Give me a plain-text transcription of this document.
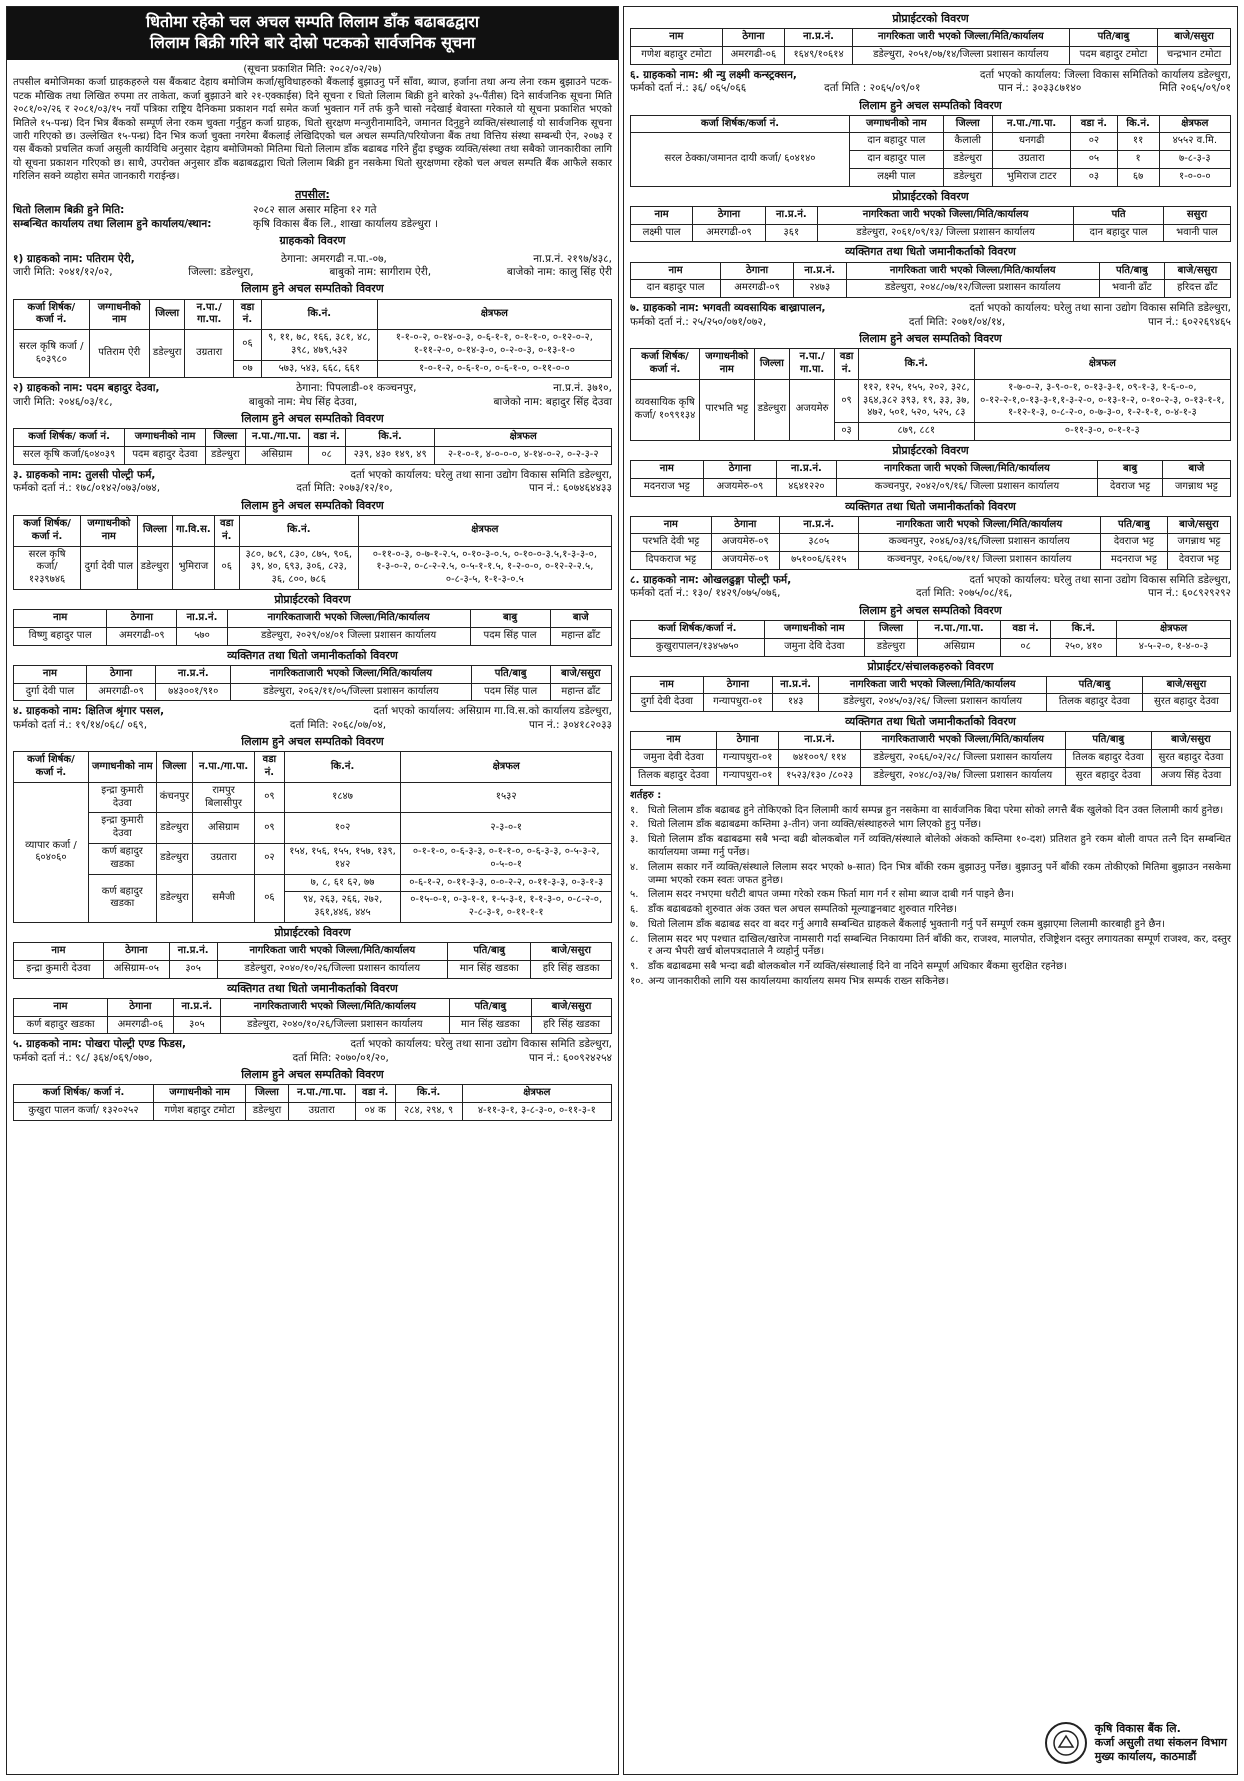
धितोमा रहेको चल अचल सम्पति लिलाम डाँक बढाबढद्वारा
लिलाम बिक्री गरिने बारे दोस्रो पटकको सार्वजनिक सूचना
(सूचना प्रकाशित मिति: २०८२/०२/२७)

तपसील बमोजिमका कर्जा ग्राहकहरुले यस बैंकबाट देहाय बमोजिम कर्जा/सुविधाहरुको बैंकलाई बुझाउनु पर्ने साँवा, ब्याज, हर्जाना तथा अन्य लेना रकम बुझाउने पटक-पटक मौखिक तथा लिखित रुपमा तर ताकेता, कर्जा बुझाउने बारे २१-एक्काईस) दिने सूचना र धितो लिलाम बिक्री हुने बारेको ३५-पैंतीस) दिने सार्वजनिक सूचना मिति २०८१/०२/२६ र २०८१/०३/१५ नयाँ पत्रिका राष्ट्रिय दैनिकमा प्रकाशन गर्दा समेत कर्जा भुक्तान गर्ने तर्फ कुनै चासो नदेखाई बेवास्ता गरेकाले यो सूचना प्रकाशित भएको मितिले १५-पन्ध्र) दिन भित्र बैंकको सम्पूर्ण लेना रकम चुक्ता गर्नुहुन कर्जा ग्राहक, धितो सुरक्षण मन्जुरीनामादिने, जमानत दिनुहुने व्यक्ति/संस्थालाई यो सार्वजनिक सूचना जारी गरिएको छ। उल्लेखित १५-पन्ध्र) दिन भित्र कर्जा चुक्ता नगरेमा बैंकलाई लेखिदिएको चल अचल सम्पति/परियोजना बैंक तथा वित्तिय संस्था सम्बन्धी ऐन, २०७३ र यस बैंकको प्रचलित कर्जा असुली कार्यविधि अनुसार देहाय बमोजिमको मितिमा धितो लिलाम डाँक बढाबढ गरिने हुँदा इच्छुक व्यक्ति/संस्था तथा सबैको जानकारीका लागि यो सूचना प्रकाशन गरिएको छ। साथै, उपरोक्त अनुसार डाँक बढाबढद्वारा धितो लिलाम बिक्री हुन नसकेमा धितो सुरक्षणमा रहेको चल अचल सम्पति बैंक आफैले सकार गरिलिन सक्ने व्यहोरा समेत जानकारी गराईन्छ।

तपसील:
धितो लिलाम बिक्री हुने मिति:	२०८२ साल असार महिना १२ गते
सम्बन्धित कार्यालय तथा लिलाम हुने कार्यालय/स्थान:	कृषि विकास बैंक लि., शाखा कार्यालय डडेल्धुरा ।
ग्राहकको विवरण
१) ग्राहकको नाम: पतिराम ऐरी,	ठेगाना: अमरगढी न.पा.-०७,	ना.प्र.नं. २१९७/४३८,
जारी मिति: २०४१/१२/०२,	जिल्ला: डडेल्धुरा,	बाबुको नाम: सागीराम ऐरी,	बाजेको नाम: कालु सिंह ऐरी
लिलाम हुने अचल सम्पतिको विवरण
कर्जा शिर्षक/ कर्जा नं.	जग्गाधनीको नाम	जिल्ला	न.पा./ गा.पा.	वडा नं.	कि.नं.	क्षेत्रफल
सरल कृषि कर्जा /६०३९८०	पतिराम ऐरी	डडेल्धुरा	उग्रतारा	०६	९, ११, ७८, १६६, ३८१, ४८, ३९८, ४७९,५३२	१-१-०-२, ०-१४-०-३, ०-६-१-१, ०-१-१-०, ०-१२-०-२, १-११-२-०, ०-१४-३-०, ०-२-०-३, ०-१३-१-०
				०७	५७३, ५४३, ६६८, ६६१	१-०-१-२, ०-६-१-०, ०-६-१-०, ०-११-०-०
२) ग्राहकको नाम: पदम बहादुर देउवा,	ठेगाना: पिपलाडी-०१ कञ्चनपुर,	ना.प्र.नं. ३७१०,
जारी मिति: २०४६/०३/१८,	बाबुको नाम: मेघ सिंह देउवा,	बाजेको नाम: बहादुर सिंह देउवा
लिलाम हुने अचल सम्पतिको विवरण
कर्जा शिर्षक/ कर्जा नं.	जग्गाधनीको नाम	जिल्ला	न.पा./गा.पा.	वडा नं.	कि.नं.	क्षेत्रफल
सरल कृषि कर्जा/६०४०३९	पदम बहादुर देउवा	डडेल्धुरा	असिग्राम	०८	२३९, ४३० १४९, ४९	२-१-०-१, ४-०-०-०, ४-१४-०-२, ०-२-३-२
३. ग्राहकको नाम: तुलसी पोल्ट्री फर्म,	दर्ता भएको कार्यालय: घरेलु तथा साना उद्योग विकास समिति डडेल्धुरा,
फर्मको दर्ता नं.: १७८/०१४२/०७३/०७४,	दर्ता मिति: २०७३/१२/१०,	पान नं.: ६०७४६४४३३
लिलाम हुने अचल सम्पतिको विवरण
कर्जा शिर्षक/ कर्जा नं.	जग्गाधनीको नाम	जिल्ला	गा.वि.स.	वडा नं.	कि.नं.	क्षेत्रफल
सरल कृषि कर्जा/ १२३९७४६	दुर्गा देवी पाल	डडेल्धुरा	भुमिराज	०६	३८०, ७८९, ८३०, ८७५, ९०६, ३९, ४०, ६९३, ३०६, ८२३, ३६, ८००, ७८६	०-११-०-३, ०-७-१-२.५, ०-१०-३-०.५, ०-१०-०-३.५,१-३-३-०, १-३-०-२, ०-८-२-२.५, ०-५-१-१.५, १-२-०-०, ०-१२-२-२.५, ०-८-३-५, १-१-३-०.५
प्रोप्राईटरको विवरण
नाम	ठेगाना	ना.प्र.नं.	नागरिकताजारी भएको जिल्ला/मिति/कार्यालय	बाबु	बाजे
विष्णु बहादुर पाल	अमरगढी-०९	५७०	डडेल्धुरा, २०२९/०४/०१ जिल्ला प्रशासन कार्यालय	पदम सिंह पाल	महान्त ढाँट
व्यक्तिगत तथा धितो जमानीकर्ताको विवरण
नाम	ठेगाना	ना.प्र.नं.	नागरिकताजारी भएको जिल्ला/मिति/कार्यालय	पति/बाबु	बाजे/ससुरा
दुर्गा देवी पाल	अमरगढी-०९	७४३००१/९१०	डडेल्धुरा, २०६२/११/०५/जिल्ला प्रशासन कार्यालय	पदम सिंह पाल	महान्त ढाँट
४. ग्राहकको नाम: क्षितिज श्रृंगार पसल,	दर्ता भएको कार्यालय: असिग्राम गा.वि.स.को कार्यालय डडेल्धुरा,
फर्मको दर्ता नं.: १९/१४/०६८/ ०६९,	दर्ता मिति: २०६८/०७/०४,	पान नं.: ३०४१८२०३३
लिलाम हुने अचल सम्पतिको विवरण
कर्जा शिर्षक/ कर्जा नं.	जग्गाधनीको नाम	जिल्ला	न.पा./गा.पा.	वडा नं.	कि.नं.	क्षेत्रफल
व्यापार कर्जा /६०४०६०	इन्द्रा कुमारी देउवा	कंचनपुर	रामपुर बिलासीपुर	०९	१८४७	१५३२
	इन्द्रा कुमारी देउवा	डडेल्धुरा	असिग्राम	०९	१०२	२-३-०-१
	कर्ण बहादुर खडका	डडेल्धुरा	उग्रतारा	०२	१५४, १५६, १५५, १५७, १३९, १४२	०-१-१-०, ०-६-३-३, ०-१-१-०, ०-६-३-३, ०-५-३-२, ०-५-०-१
	कर्ण बहादुर खडका	डडेल्धुरा	समैजी	०६	७, ८, ६१ ६२, ७७	०-६-१-२, ०-११-३-३, ०-०-२-२, ०-११-३-३, ०-३-१-३
					९४, २६३, २६६, २७२, ३६१,४४६, ४४५	०-१५-०-१, ०-३-१-१, १-५-३-१, १-१-३-०, ०-८-२-०, २-८-३-१, ०-११-१-१
प्रोप्राईटरको विवरण
नाम	ठेगाना	ना.प्र.नं.	नागरिकता जारी भएको जिल्ला/मिति/कार्यालय	पति/बाबु	बाजे/ससुरा
इन्द्रा कुमारी देउवा	असिग्राम-०५	३०५	डडेल्धुरा, २०४०/१०/२६/जिल्ला प्रशासन कार्यालय	मान सिंह खडका	हरि सिंह खडका
व्यक्तिगत तथा धितो जमानीकर्ताको विवरण
नाम	ठेगाना	ना.प्र.नं.	नागरिकताजारी भएको जिल्ला/मिति/कार्यालय	पति/बाबु	बाजे/ससुरा
कर्ण बहादुर खडका	अमरगढी-०६	३०५	डडेल्धुरा, २०४०/१०/२६/जिल्ला प्रशासन कार्यालय	मान सिंह खडका	हरि सिंह खडका
५. ग्राहकको नाम: पोखरा पोल्ट्री एण्ड फिडस,	दर्ता भएको कार्यालय: घरेलु तथा साना उद्योग विकास समिति डडेल्धुरा,
फर्मको दर्ता नं.: ९८/ ३६४/०६९/०७०,	दर्ता मिति: २०७०/०१/२०,	पान नं.: ६००९२४२५४
लिलाम हुने अचल सम्पतिको विवरण
कर्जा शिर्षक/ कर्जा नं.	जग्गाधनीको नाम	जिल्ला	न.पा./गा.पा.	वडा नं.	कि.नं.	क्षेत्रफल
कुखुरा पालन कर्जा/ १३२०२५२	गणेश बहादुर टमोटा	डडेल्धुरा	उग्रतारा	०४ क	२८४, २९४, ९	४-११-३-१, ३-८-३-०, ०-११-३-१
प्रोप्राईटरको विवरण
नाम	ठेगाना	ना.प्र.नं.	नागरिकता जारी भएको जिल्ला/मिति/कार्यालय	पति/बाबु	बाजे/ससुरा
गणेश बहादुर टमोटा	अमरगढी-०६	१६४९/१०६१४	डडेल्धुरा, २०५१/०७/१४/जिल्ला प्रशासन कार्यालय	पदम बहादुर टमोटा	चन्द्रभान टमोटा
६. ग्राहकको नाम: श्री न्यु लक्ष्मी कन्स्ट्रक्सन,	दर्ता भएको कार्यालय: जिल्ला विकास समितिको कार्यालय डडेल्धुरा,
फर्मको दर्ता नं.: ३६/ ०६५/०६६	दर्ता मिति : २०६५/०९/०१	पान नं.: ३०३३८७१४०	मिति २०६५/०९/०१
लिलाम हुने अचल सम्पतिको विवरण
कर्जा शिर्षक/कर्जा नं.	जग्गाधनीको नाम	जिल्ला	न.पा./गा.पा.	वडा नं.	कि.नं.	क्षेत्रफल
सरल ठेक्का/जमानत दायी कर्जा/ ६०४१४०	दान बहादुर पाल	कैलाली	धनगढी	०२	११	४५५२ व.मि.
	दान बहादुर पाल	डडेल्धुरा	उग्रतारा	०५	१	७-८-३-३
	लक्ष्मी पाल	डडेल्धुरा	भुमिराज टाटर	०३	६७	१-०-०-०
प्रोप्राईटरको विवरण
नाम	ठेगाना	ना.प्र.नं.	नागरिकता जारी भएको जिल्ला/मिति/कार्यालय	पति	ससुरा
लक्ष्मी पाल	अमरगढी-०९	३६१	डडेल्धुरा, २०६१/०९/१३/ जिल्ला प्रशासन कार्यालय	दान बहादुर पाल	भवानी पाल
व्यक्तिगत तथा धितो जमानीकर्ताको विवरण
नाम	ठेगाना	ना.प्र.नं.	नागरिकता जारी भएको जिल्ला/मिति/कार्यालय	पति/बाबु	बाजे/ससुरा
दान बहादुर पाल	अमरगढी-०९	२४७३	डडेल्धुरा, २०४८/०७/१२/जिल्ला प्रशासन कार्यालय	भवानी ढाँट	हरिदत्त ढाँट
७. ग्राहकको नाम: भगवती व्यवसायिक बाख्रापालन,	दर्ता भएको कार्यालय: घरेलु तथा साना उद्योग विकास समिति डडेल्धुरा,
फर्मको दर्ता नं.: २५/२५०/०७१/०७२,	दर्ता मिति: २०७१/०४/१४,	पान नं.: ६०२२६९४६५
लिलाम हुने अचल सम्पतिको विवरण
कर्जा शिर्षक/ कर्जा नं.	जग्गाधनीको नाम	जिल्ला	न.पा./ गा.पा.	वडा नं.	कि.नं.	क्षेत्रफल
व्यवसायिक कृषि कर्जा/ १०९९१३४	पारभति भट्ट	डडेल्धुरा	अजयमेरु	०९	११२, १२५, १५५, २०२, ३२८, ३६४,३८२ ३९३, १९, ३३, ३७, ४७२, ५०१, ५२०, ५२५, ८३	१-७-०-२, ३-९-०-१, ०-१३-३-१, ०९-१-३, १-६-०-०, ०-१२-२-१,०-१३-३-१,१-३-२-०, ०-१३-१-२, ०-१०-२-३, ०-१३-१-१, १-१२-१-३, ०-८-२-०, ०-७-३-०, १-२-१-१, ०-४-१-३
				०३	८७९, ८८१	०-११-३-०, ०-१-१-३
प्रोप्राईटरको विवरण
नाम	ठेगाना	ना.प्र.नं.	नागरिकता जारी भएको जिल्ला/मिति/कार्यालय	बाबु	बाजे
मदनराज भट्ट	अजयमेरु-०९	४६४१२२०	कञ्चनपुर, २०४२/०९/१६/ जिल्ला प्रशासन कार्यालय	देवराज भट्ट	जगन्नाथ भट्ट
व्यक्तिगत तथा धितो जमानीकर्ताको विवरण
नाम	ठेगाना	ना.प्र.नं.	नागरिकता जारी भएको जिल्ला/मिति/कार्यालय	पति/बाबु	बाजे/ससुरा
परभति देवी भट्ट	अजयमेरु-०९	३८०५	कञ्चनपुर, २०४६/०३/१६/जिल्ला प्रशासन कार्यालय	देवराज भट्ट	जगन्नाथ भट्ट
दिपकराज भट्ट	अजयमेरु-०९	७५१००६/६२१५	कञ्चनपुर, २०६६/०७/११/ जिल्ला प्रशासन कार्यालय	मदनराज भट्ट	देवराज भट्ट
८. ग्राहकको नाम: ओखलढुङ्गा पोल्ट्री फर्म,	दर्ता भएको कार्यालय: घरेलु तथा साना उद्योग विकास समिति डडेल्धुरा,
फर्मको दर्ता नं.: १३०/ १४२९/०७५/०७६,	दर्ता मिति: २०७५/०८/१६,	पान नं.: ६०८९२९२९२
लिलाम हुने अचल सम्पतिको विवरण
कर्जा शिर्षक/कर्जा नं.	जग्गाधनीको नाम	जिल्ला	न.पा./गा.पा.	वडा नं.	कि.नं.	क्षेत्रफल
कुखुरापालन/१३४५७५०	जमुना देवि देउवा	डडेल्धुरा	असिग्राम	०८	२५०, ४१०	४-५-२-०, १-४-०-३
प्रोप्राईटर/संचालकहरुको विवरण
नाम	ठेगाना	ना.प्र.नं.	नागरिकता जारी भएको जिल्ला/मिति/कार्यालय	पति/बाबु	बाजे/ससुरा
दुर्गा देवी देउवा	गन्यापधुरा-०१	१४३	डडेल्धुरा, २०४५/०३/२६/ जिल्ला प्रशासन कार्यालय	तिलक बहादुर देउवा	सुरत बहादुर देउवा
व्यक्तिगत तथा धितो जमानीकर्ताको विवरण
नाम	ठेगाना	ना.प्र.नं.	नागरिकताजारी भएको जिल्ला/मिति/कार्यालय	पति/बाबु	बाजे/ससुरा
जमुना देवी देउवा	गन्यापधुरा-०१	७४१००९/ ११४	डडेल्धुरा, २०६६/०२/२८/ जिल्ला प्रशासन कार्यालय	तिलक बहादुर देउवा	सुरत बहादुर देउवा
तिलक बहादुर देउवा	गन्यापधुरा-०१	१५२३/१३० /८०२३	डडेल्धुरा, २०४८/०३/२७/ जिल्ला प्रशासन कार्यालय	सुरत बहादुर देउवा	अजय सिंह देउवा
शर्तहरु :
१. धितो लिलाम डाँक बढाबढ हुने तोकिएको दिन लिलामी कार्य सम्पन्न हुन नसकेमा वा सार्वजनिक बिदा परेमा सोको लगत्तै बैंक खुलेको दिन उक्त लिलामी कार्य हुनेछ।
२. धितो लिलाम डाँक बढाबढमा कम्तिमा ३-तीन) जना व्यक्ति/संस्थाहरुले भाग लिएको हुनु पर्नेछ।
३. धितो लिलाम डाँक बढाबढमा सबै भन्दा बढी बोलकबोल गर्ने व्यक्ति/संस्थाले बोलेको अंकको कम्तिमा १०-दश) प्रतिशत हुने रकम बोली वापत तत्नै दिन सम्बन्धित कार्यालयमा जम्मा गर्नु पर्नेछ।
४. लिलाम सकार गर्ने व्यक्ति/संस्थाले लिलाम सदर भएको ७-सात) दिन भित्र बाँकी रकम बुझाउनु पर्नेछ। बुझाउनु पर्ने बाँकी रकम तोकीएको मितिमा बुझाउन नसकेमा जम्मा भएको रकम स्वतः जफत हुनेछ।
५. लिलाम सदर नभएमा धरौटी बापत जम्मा गरेको रकम फिर्ता माग गर्न र सोमा ब्याज दाबी गर्न पाइने छैन।
६. डाँक बढाबढको शुरुवात अंक उक्त चल अचल सम्पतिको मूल्याङ्कनबाट शुरुवात गरिनेछ।
७. धितो लिलाम डाँक बढाबढ सदर वा बदर गर्नु अगावै सम्बन्धित ग्राहकले बैंकलाई भुक्तानी गर्नु पर्ने सम्पूर्ण रकम बुझाएमा लिलामी कारबाही हुने छैन।
८. लिलाम सदर भए पश्चात दाखिल/खारेज नामसारी गर्दा सम्बन्धित निकायमा तिर्न बाँकी कर, राजश्व, मालपोत, रजिष्ट्रेशन दस्तुर लगायतका सम्पूर्ण राजश्व, कर, दस्तुर र अन्य भैपरी खर्च बोलपत्रदाताले नै व्यहोर्नु पर्नेछ।
९. डाँक बढाबढमा सबै भन्दा बढी बोलकबोल गर्ने व्यक्ति/संस्थालाई दिने वा नदिने सम्पूर्ण अधिकार बैंकमा सुरक्षित रहनेछ।
१०. अन्य जानकारीको लागि यस कार्यालयमा कार्यालय समय भित्र सम्पर्क राख्न सकिनेछ।
कृषि विकास बैंक लि.
कर्जा असुली तथा संकलन विभाग
मुख्य कार्यालय, काठमाडौं
